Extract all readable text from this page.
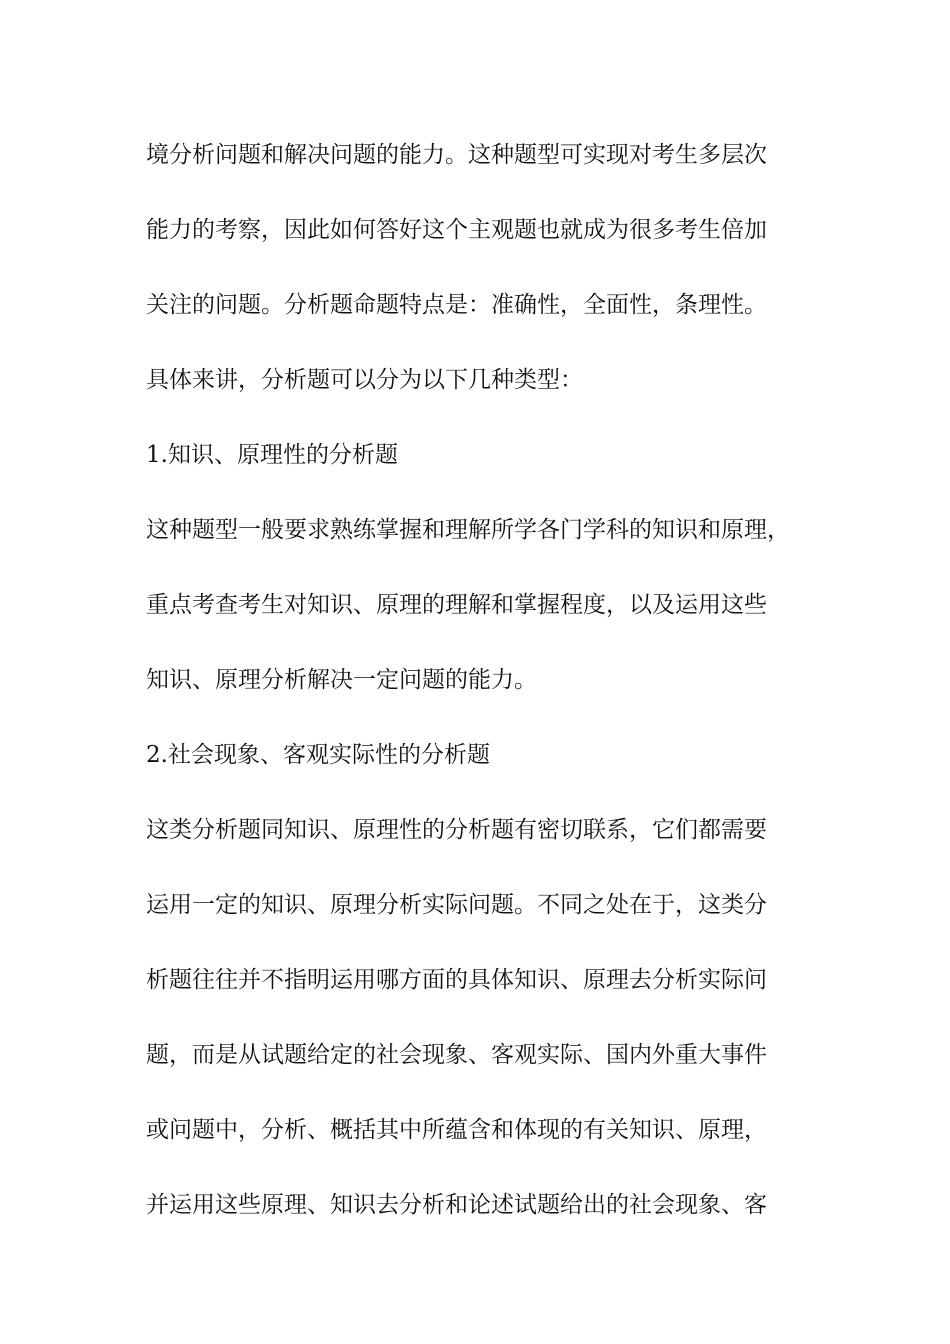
境分析问题和解决问题的能力。这种题型可实现对考生多层次
能力的考察，因此如何答好这个主观题也就成为很多考生倍加
关注的问题。分析题命题特点是：准确性，全面性，条理性。
具体来讲，分析题可以分为以下几种类型：
1.知识、原理性的分析题
这种题型一般要求熟练掌握和理解所学各门学科的知识和原理，
重点考查考生对知识、原理的理解和掌握程度，以及运用这些
知识、原理分析解决一定问题的能力。
2.社会现象、客观实际性的分析题
这类分析题同知识、原理性的分析题有密切联系，它们都需要
运用一定的知识、原理分析实际问题。不同之处在于，这类分
析题往往并不指明运用哪方面的具体知识、原理去分析实际问
题，而是从试题给定的社会现象、客观实际、国内外重大事件
或问题中，分析、概括其中所蕴含和体现的有关知识、原理，
并运用这些原理、知识去分析和论述试题给出的社会现象、客
